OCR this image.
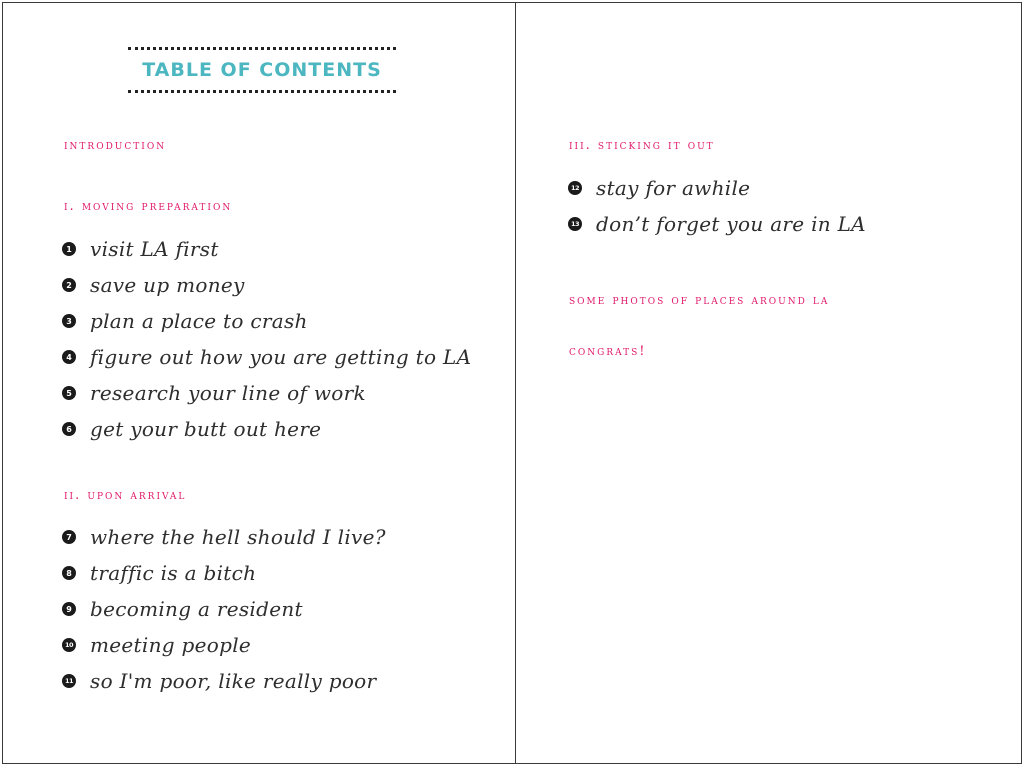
TABLE OF CONTENTS
introduction
i. moving preparation
1 visit LA first
2 save up money
3 plan a place to crash
4 figure out how you are getting to LA
5 research your line of work
6 get your butt out here
ii. upon arrival
7 where the hell should I live?
8 traffic is a bitch
9 becoming a resident
10 meeting people
11 so I'm poor, like really poor
iii. sticking it out
12 stay for awhile
13 don’t forget you are in LA
some photos of places around la
congrats!
